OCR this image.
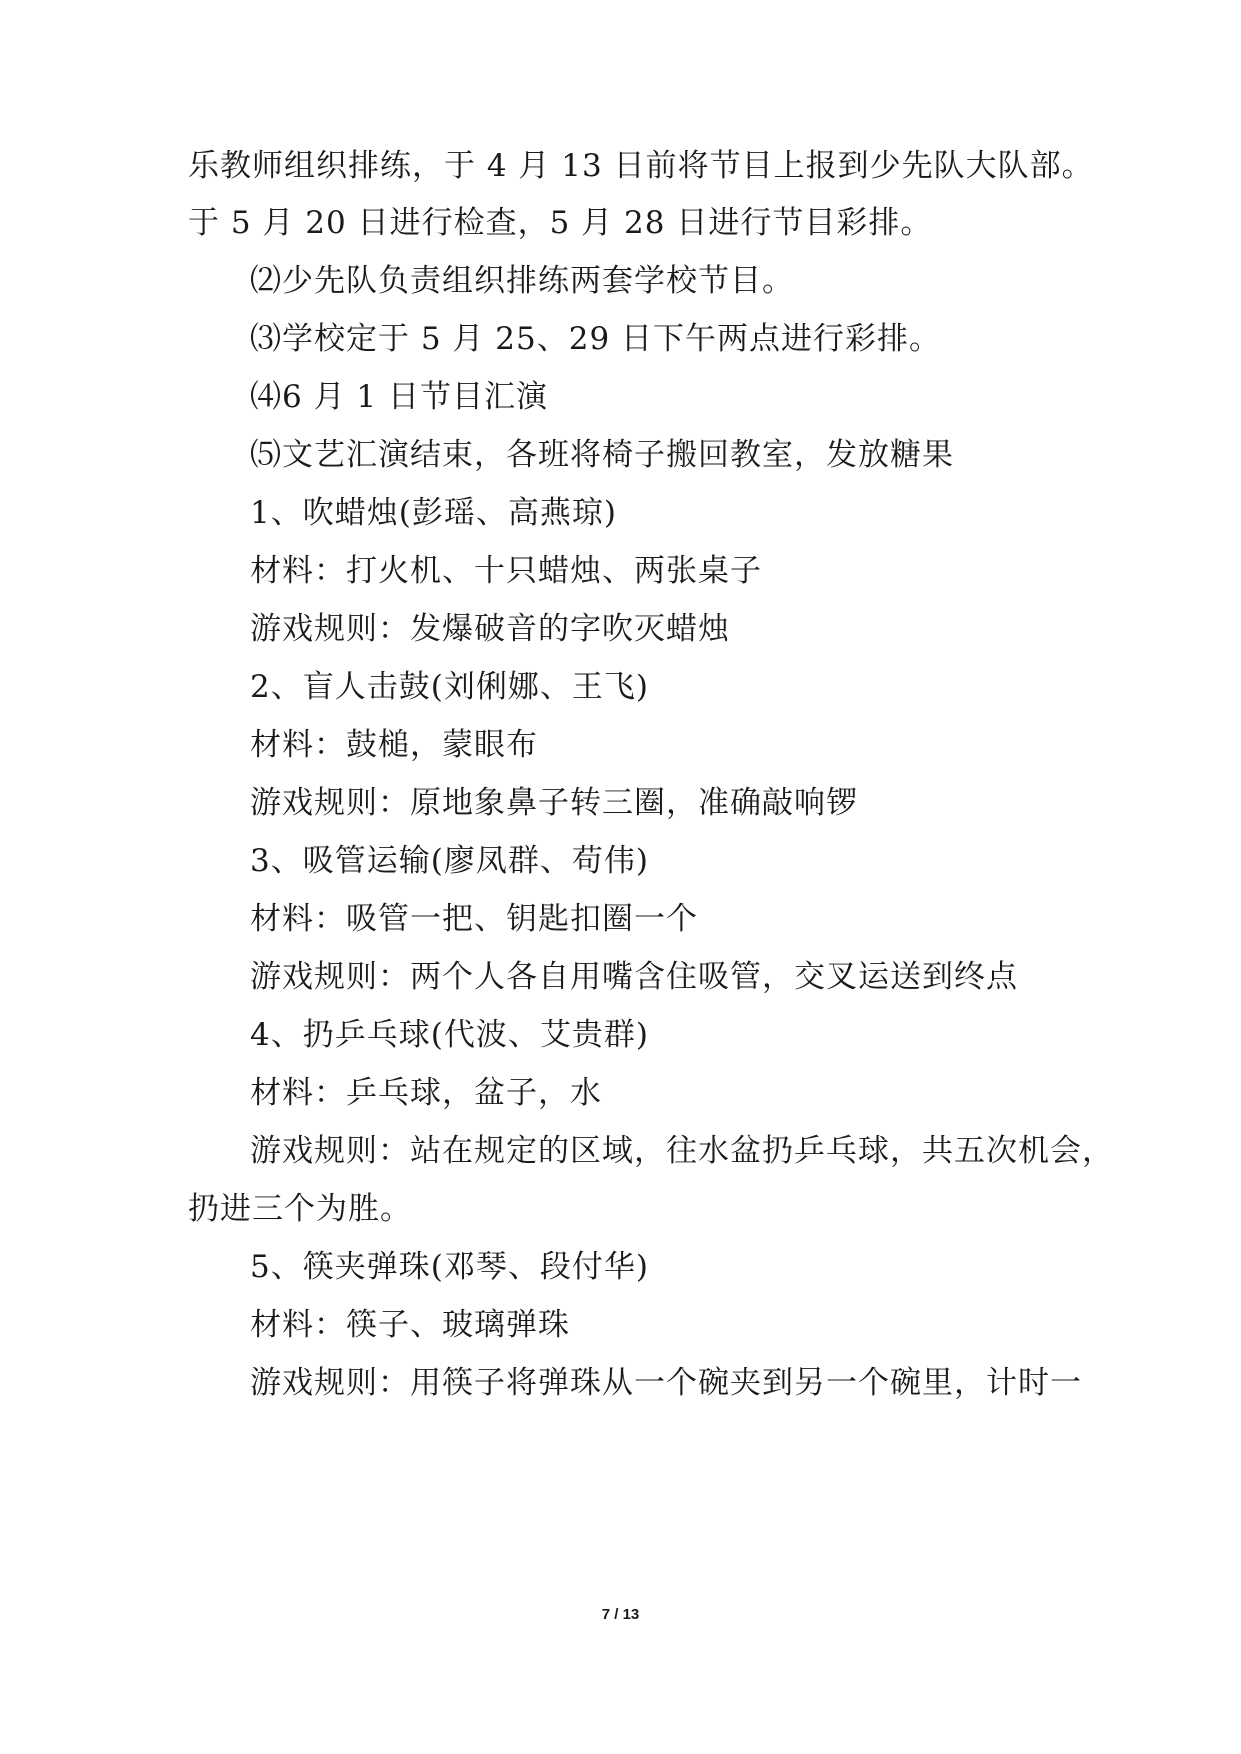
乐教师组织排练，于 4 月 13 日前将节目上报到少先队大队部。
于 5 月 20 日进行检查，5 月 28 日进行节目彩排。
⑵少先队负责组织排练两套学校节目。
⑶学校定于 5 月 25、29 日下午两点进行彩排。
⑷6 月 1 日节目汇演
⑸文艺汇演结束，各班将椅子搬回教室，发放糖果
1、吹蜡烛(彭瑶、高燕琼)
材料：打火机、十只蜡烛、两张桌子
游戏规则：发爆破音的字吹灭蜡烛
2、盲人击鼓(刘俐娜、王飞)
材料：鼓槌，蒙眼布
游戏规则：原地象鼻子转三圈，准确敲响锣
3、吸管运输(廖凤群、苟伟)
材料：吸管一把、钥匙扣圈一个
游戏规则：两个人各自用嘴含住吸管，交叉运送到终点
4、扔乒乓球(代波、艾贵群)
材料：乒乓球，盆子，水
游戏规则：站在规定的区域，往水盆扔乒乓球，共五次机会，
扔进三个为胜。
5、筷夹弹珠(邓琴、段付华)
材料：筷子、玻璃弹珠
游戏规则：用筷子将弹珠从一个碗夹到另一个碗里，计时一
7 / 13
